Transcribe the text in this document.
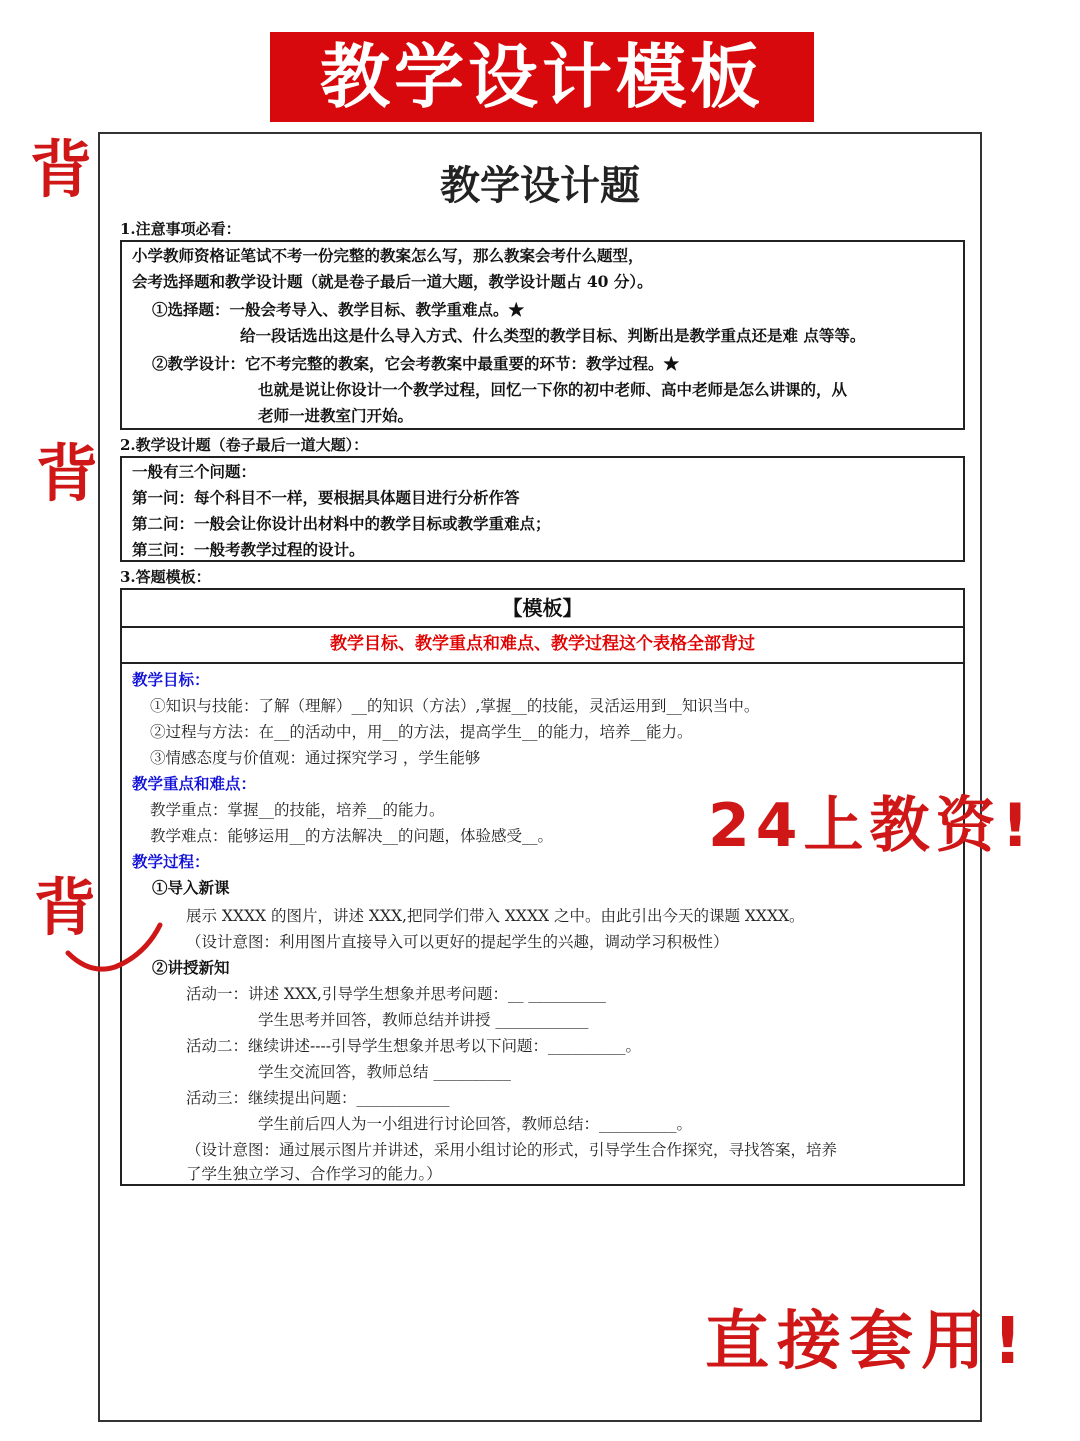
教学设计模板
教学设计题
1.注意事项必看：
小学教师资格证笔试不考一份完整的教案怎么写，那么教案会考什么题型，
会考选择题和教学设计题（就是卷子最后一道大题，教学设计题占 40 分）。
①选择题：一般会考导入、教学目标、教学重难点。★
给一段话选出这是什么导入方式、什么类型的教学目标、判断出是教学重点还是难 点等等。
②教学设计：它不考完整的教案，它会考教案中最重要的环节：教学过程。★
也就是说让你设计一个教学过程，回忆一下你的初中老师、高中老师是怎么讲课的，从
老师一进教室门开始。
2.教学设计题（卷子最后一道大题）：
一般有三个问题：
第一问：每个科目不一样，要根据具体题目进行分析作答
第二问：一般会让你设计出材料中的教学目标或教学重难点；
第三问：一般考教学过程的设计。
3.答题模板：
【模板】
教学目标、教学重点和难点、教学过程这个表格全部背过
教学目标：
①知识与技能：了解（理解）__的知识（方法）,掌握__的技能，灵活运用到__知识当中。
②过程与方法：在__的活动中，用__的方法，提高学生__的能力，培养__能力。
③情感态度与价值观：通过探究学习 ，学生能够
教学重点和难点：
教学重点：掌握__的技能，培养__的能力。
教学难点：能够运用__的方法解决__的问题，体验感受__。
教学过程：
①导入新课
展示 XXXX 的图片，讲述 XXX,把同学们带入 XXXX 之中。由此引出今天的课题 XXXX。
（设计意图：利用图片直接导入可以更好的提起学生的兴趣，调动学习积极性）
②讲授新知
活动一：讲述 XXX,引导学生想象并思考问题：__ __________
学生思考并回答，教师总结并讲授 ____________
活动二：继续讲述----引导学生想象并思考以下问题：__________。
学生交流回答，教师总结 __________
活动三：继续提出问题：____________
学生前后四人为一小组进行讨论回答，教师总结：__________。
（设计意图：通过展示图片并讲述，采用小组讨论的形式，引导学生合作探究，寻找答案，培养
了学生独立学习、合作学习的能力。）
背
背
背
24上教资!
直接套用!
